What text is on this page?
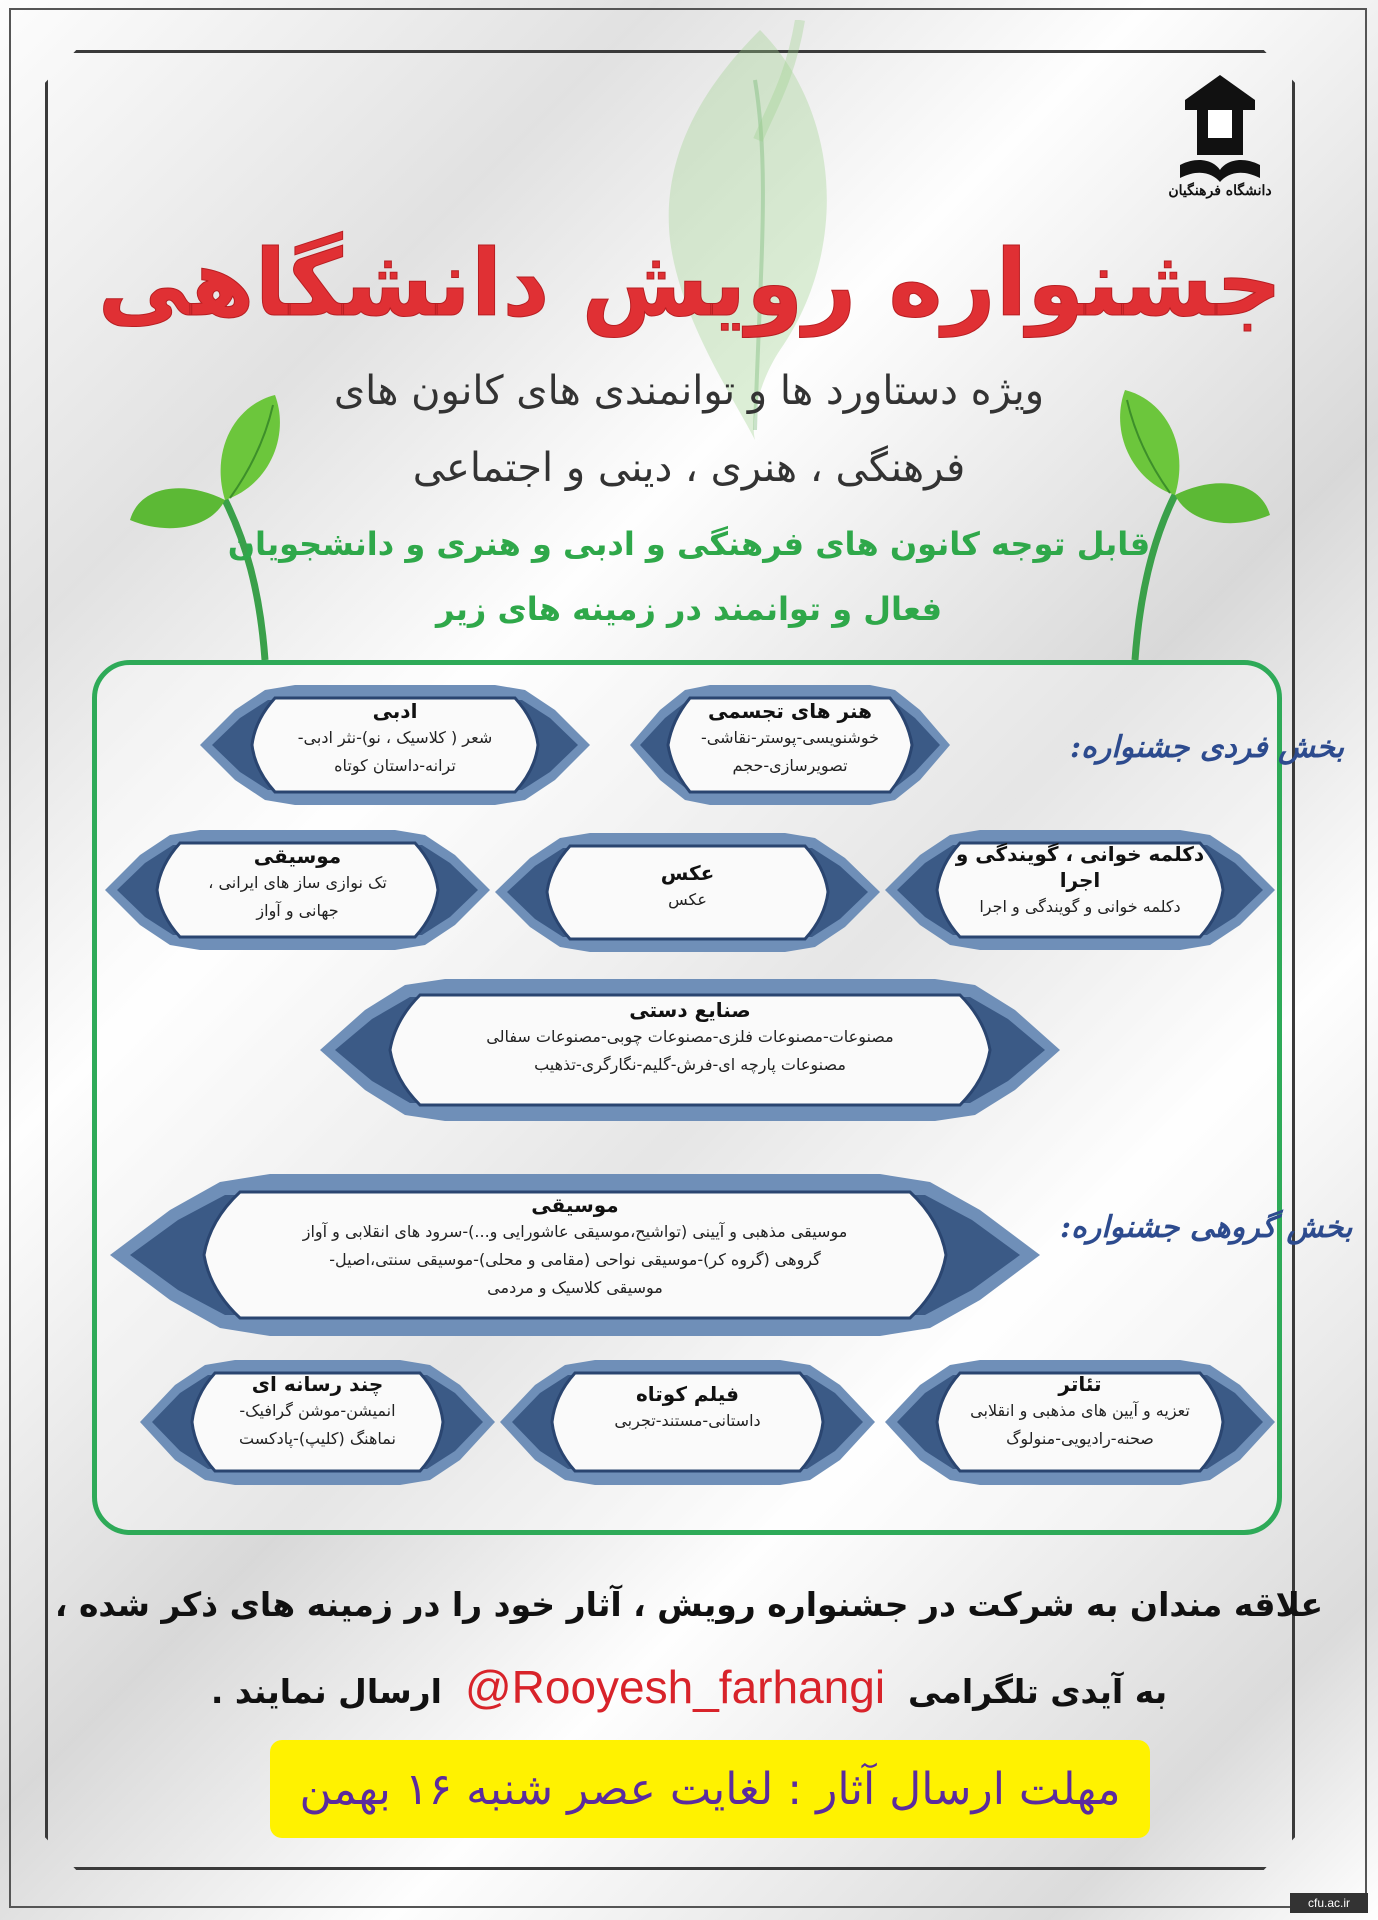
دانشگاه فرهنگیان
جشنواره رویش دانشگاهی
ویژه دستاورد ها و توانمندی های کانون های
فرهنگی ، هنری ، دینی و اجتماعی
قابل توجه کانون های فرهنگی و ادبی و هنری و دانشجویان
فعال و توانمند در زمینه های زیر
بخش فردی جشنواره:
بخش گروهی جشنواره:
هنر های تجسمی
خوشنویسی-پوستر-نقاشی-
تصویرسازی-حجم
ادبی
شعر ( کلاسیک ، نو)-نثر ادبی-
ترانه-داستان کوتاه
دکلمه خوانی ، گویندگی و اجرا
دکلمه خوانی و گویندگی و اجرا
عکس
عکس
موسیقی
تک نوازی ساز های ایرانی ،
جهانی و آواز
صنایع دستی
مصنوعات-مصنوعات فلزی-مصنوعات چوبی-مصنوعات سفالی
مصنوعات پارچه ای-فرش-گلیم-نگارگری-تذهیب
موسیقی
موسیقی مذهبی و آیینی (تواشیح،موسیقی عاشورایی و...)-سرود های انقلابی و آواز
گروهی (گروه کر)-موسیقی نواحی (مقامی و محلی)-موسیقی سنتی،اصیل-
موسیقی کلاسیک و مردمی
تئاتر
تعزیه و آیین های مذهبی و انقلابی
صحنه-رادیویی-منولوگ
فیلم کوتاه
داستانی-مستند-تجربی
چند رسانه ای
انمیشن-موشن گرافیک-
نماهنگ (کلیپ)-پادکست
علاقه مندان به شرکت در جشنواره رویش ، آثار خود را در زمینه های ذکر شده ،
به آیدی تلگرامی  @Rooyesh_farhangi  ارسال نمایند .
مهلت ارسال آثار : لغایت عصر شنبه ۱۶ بهمن
cfu.ac.ir
